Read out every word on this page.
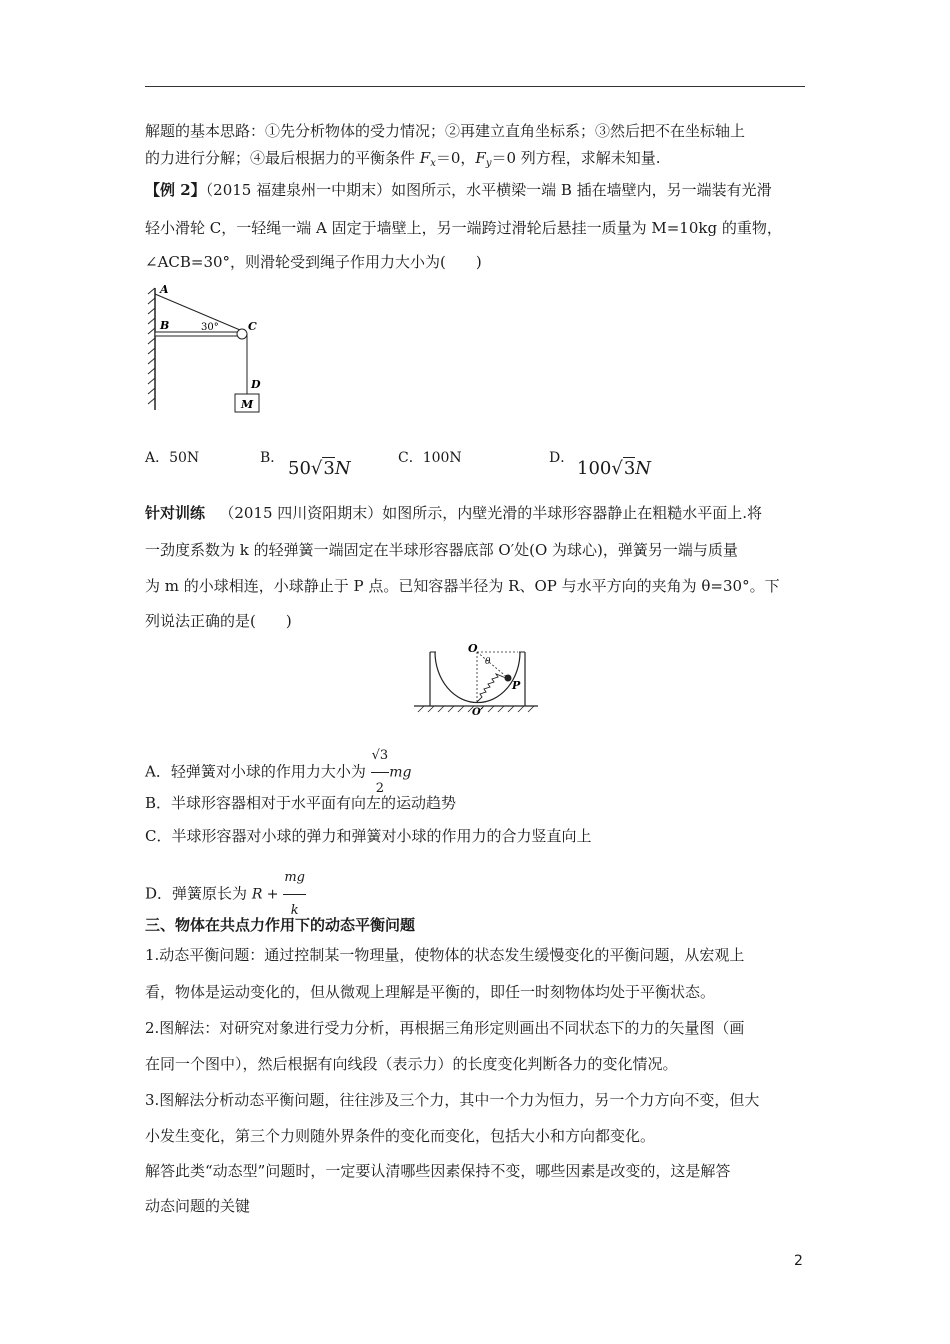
解题的基本思路：①先分析物体的受力情况；②再建立直角坐标系；③然后把不在坐标轴上
的力进行分解；④最后根据力的平衡条件 $F_x=0$，$F_y=0$ 列方程，求解未知量.
【例 2】（2015 福建泉州一中期末）如图所示，水平横梁一端 B 插在墙壁内，另一端装有光滑
轻小滑轮 C，一轻绳一端 A 固定于墙壁上，另一端跨过滑轮后悬挂一质量为 M=10kg 的重物，
∠ACB=30°，则滑轮受到绳子作用力大小为(　　)
A
B	C
30°
D
M
A．50N	B． 50√3N	C．100N	D． 100√3N
针对训练 （2015 四川资阳期末）如图所示，内壁光滑的半球形容器静止在粗糙水平面上.将
一劲度系数为 k 的轻弹簧一端固定在半球形容器底部 O′处(O 为球心)，弹簧另一端与质量
为 m 的小球相连，小球静止于 P 点。已知容器半径为 R、OP 与水平方向的夹角为 θ=30°。下
列说法正确的是(　　)
O
θ
P
O′
A．轻弹簧对小球的作用力大小为 $\frac{√3}{2}$ mg
B．半球形容器相对于水平面有向左的运动趋势
C．半球形容器对小球的弹力和弹簧对小球的作用力的合力竖直向上
D．弹簧原长为 $R + \frac{mg}{k}$
三、物体在共点力作用下的动态平衡问题
1.动态平衡问题：通过控制某一物理量，使物体的状态发生缓慢变化的平衡问题，从宏观上
看，物体是运动变化的，但从微观上理解是平衡的，即任一时刻物体均处于平衡状态。
2.图解法：对研究对象进行受力分析，再根据三角形定则画出不同状态下的力的矢量图（画
在同一个图中），然后根据有向线段（表示力）的长度变化判断各力的变化情况。
3.图解法分析动态平衡问题，往往涉及三个力，其中一个力为恒力，另一个力方向不变，但大
小发生变化，第三个力则随外界条件的变化而变化，包括大小和方向都变化。
解答此类“动态型”问题时，一定要认清哪些因素保持不变，哪些因素是改变的，这是解答
动态问题的关键
2
